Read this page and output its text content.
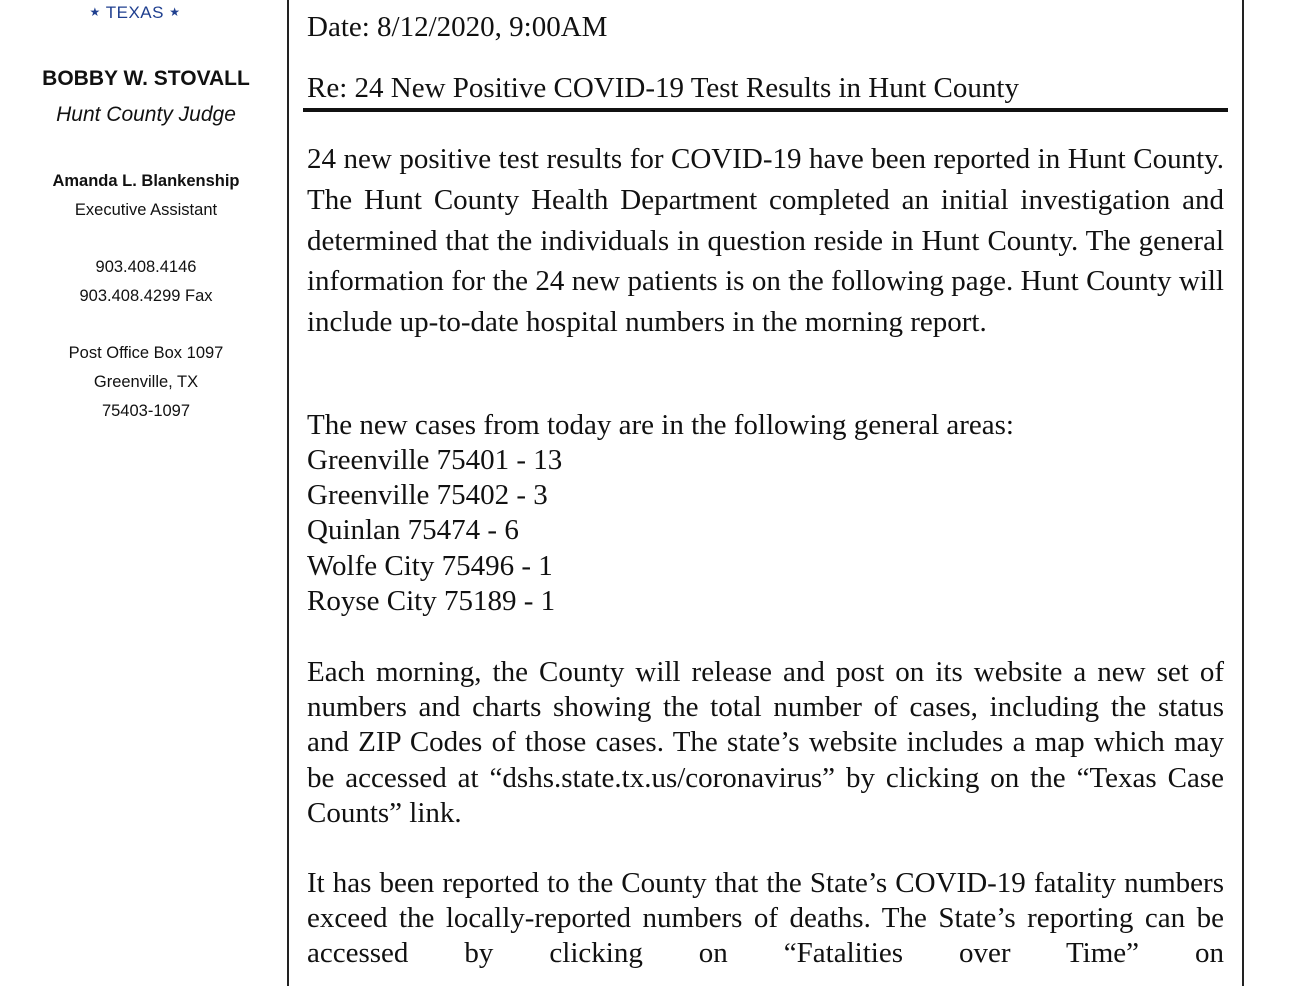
★ TEXAS ★
BOBBY W. STOVALL
Hunt County Judge
Amanda L. Blankenship
Executive Assistant
903.408.4146
903.408.4299 Fax
Post Office Box 1097
Greenville, TX
75403-1097
Date: 8/12/2020, 9:00AM
Re: 24 New Positive COVID-19 Test Results in Hunt County

24 new positive test results for COVID-19 have been reported in Hunt County. The Hunt County Health Department completed an initial investigation and determined that the individuals in question reside in Hunt County. The general information for the 24 new patients is on the following page. Hunt County will include up-to-date hospital numbers in the morning report.

The new cases from today are in the following general areas:
Greenville 75401 - 13
Greenville 75402 - 3
Quinlan 75474 - 6
Wolfe City 75496 - 1
Royse City 75189 - 1

Each morning, the County will release and post on its website a new set of numbers and charts showing the total number of cases, including the status and ZIP Codes of those cases. The state’s website includes a map which may be accessed at “dshs.state.tx.us/coronavirus” by clicking on the “Texas Case Counts” link.

It has been reported to the County that the State’s COVID-19 fatality numbers exceed the locally-reported numbers of deaths. The State’s reporting can be accessed by clicking on “Fatalities over Time” on
